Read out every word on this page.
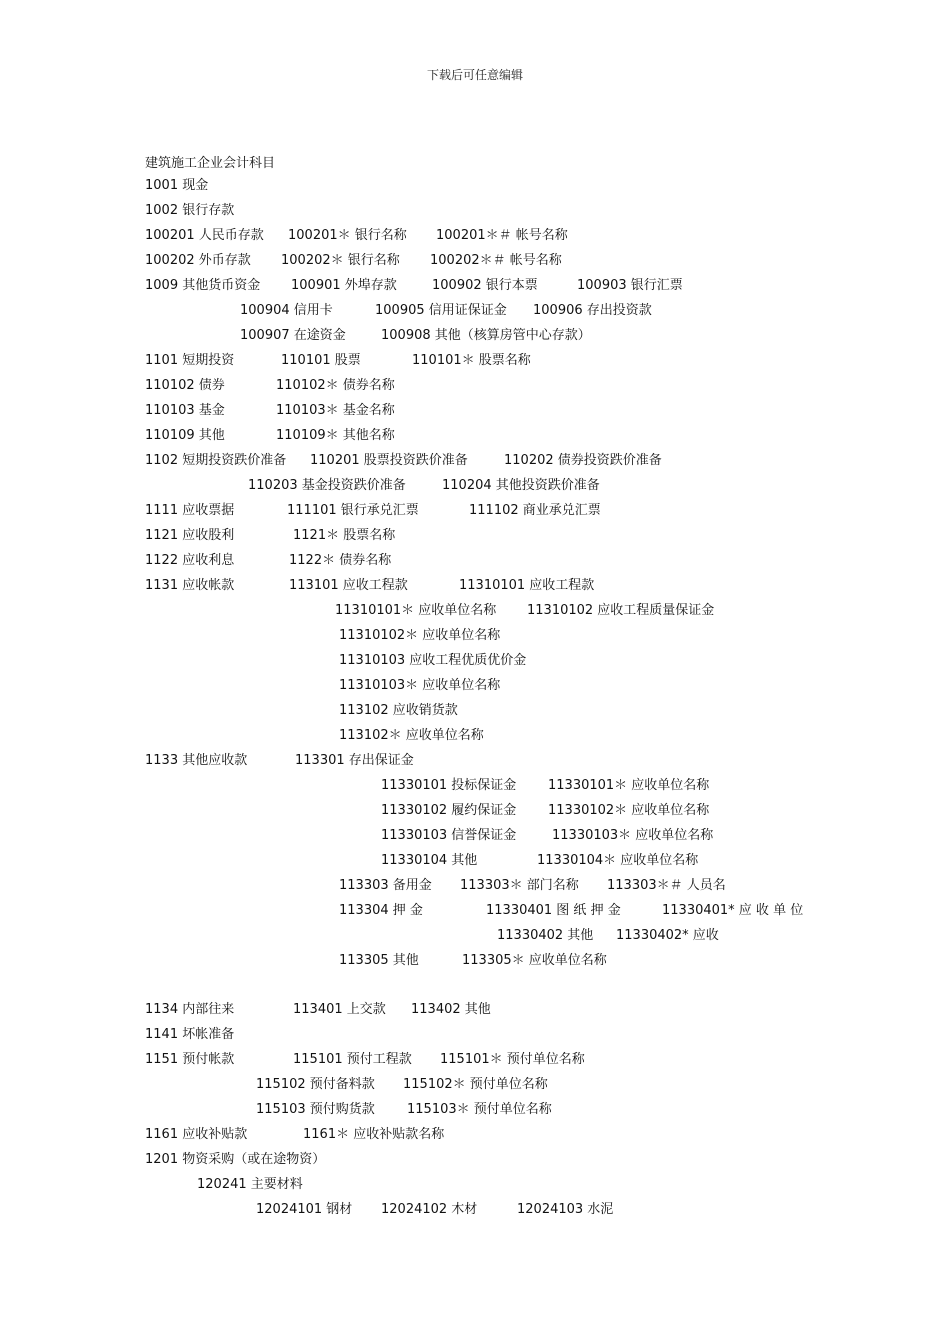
下载后可任意编辑
建筑施工企业会计科目
1001 现金
1002 银行存款
100201 人民币存款 100201＊ 银行名称 100201＊＃ 帐号名称
100202 外币存款 100202＊ 银行名称 100202＊＃ 帐号名称
1009 其他货币资金 100901 外埠存款	100902 银行本票	100903 银行汇票
100904 信用卡	100905 信用证保证金 100906 存出投资款
100907 在途资金	100908 其他（核算房管中心存款）
1101 短期投资	110101 股票	110101＊ 股票名称
110102 债券	110102＊ 债券名称
110103 基金	110103＊ 基金名称
110109 其他	110109＊ 其他名称
1102 短期投资跌价准备 110201 股票投资跌价准备	110202 债券投资跌价准备
110203 基金投资跌价准备	110204 其他投资跌价准备
1111 应收票据	111101 银行承兑汇票	111102 商业承兑汇票
1121 应收股利	1121＊ 股票名称
1122 应收利息	1122＊ 债券名称
1131 应收帐款	113101 应收工程款	11310101 应收工程款
11310101＊ 应收单位名称 11310102 应收工程质量保证金
11310102＊ 应收单位名称
11310103 应收工程优质优价金
11310103＊ 应收单位名称
113102 应收销货款
113102＊ 应收单位名称
1133 其他应收款	113301 存出保证金
11330101 投标保证金 11330101＊ 应收单位名称
11330102 履约保证金 11330102＊ 应收单位名称
11330103 信誉保证金	11330103＊ 应收单位名称
11330104 其他	11330104＊ 应收单位名称
113303 备用金 113303＊ 部门名称 113303＊＃ 人员名
113304 押 金	11330401 图 纸 押 金	11330401* 应 收 单 位
11330402 其他 11330402* 应收
113305 其他	113305＊ 应收单位名称
1134 内部往来	113401 上交款 113402 其他
1141 坏帐准备
1151 预付帐款	115101 预付工程款 115101＊ 预付单位名称
115102 预付备料款 115102＊ 预付单位名称
115103 预付购货款 115103＊ 预付单位名称
1161 应收补贴款	1161＊ 应收补贴款名称
1201 物资采购（或在途物资）
120241 主要材料
12024101 钢材 12024102 木材	12024103 水泥
